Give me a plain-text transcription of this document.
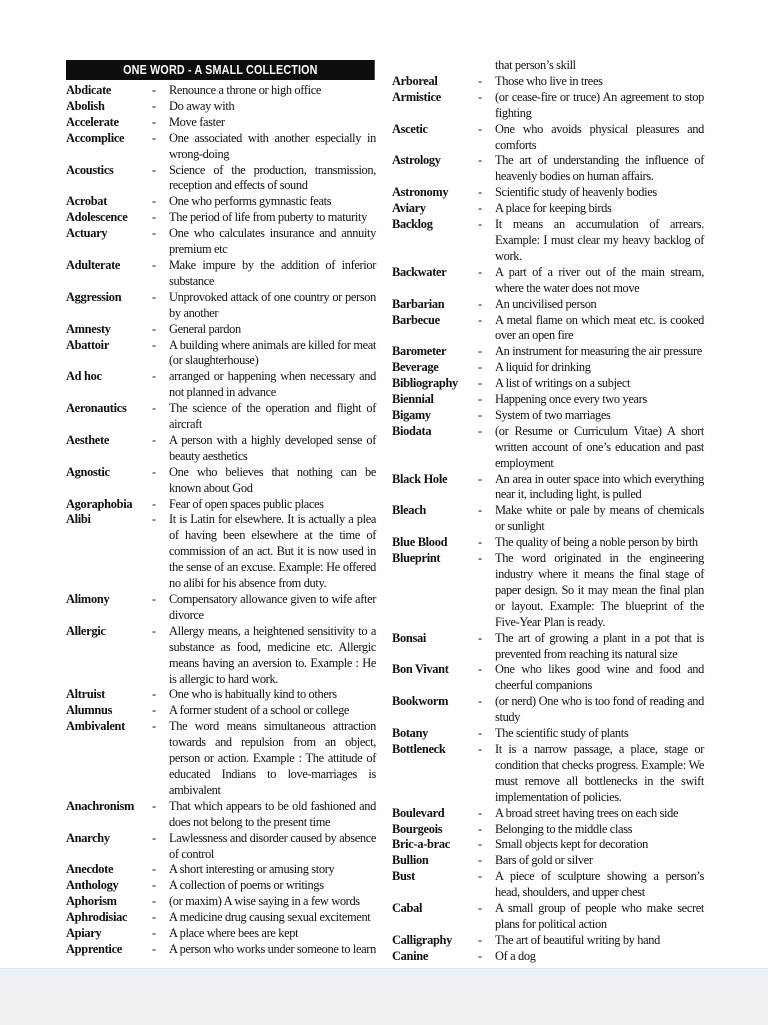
ONE WORD - A SMALL COLLECTION
Abdicate	-	Renounce a throne or high office
Abolish	-	Do away with
Accelerate	-	Move faster
Accomplice	-	One associated with another especially in wrong-doing
Acoustics	-	Science of the production, transmission, reception and effects of sound
Acrobat	-	One who performs gymnastic feats
Adolescence	-	The period of life from puberty to maturity
Actuary	-	One who calculates insurance and annuity premium etc
Adulterate	-	Make impure by the addition of inferior substance
Aggression	-	Unprovoked attack of one country or person by another
Amnesty	-	General pardon
Abattoir	-	A building where animals are killed for meat (or slaughterhouse)
Ad hoc	-	arranged or happening when necessary and not planned in advance
Aeronautics	-	The science of the operation and flight of aircraft
Aesthete	-	A person with a highly developed sense of beauty aesthetics
Agnostic	-	One who believes that nothing can be known about God
Agoraphobia	-	Fear of open spaces public places
Alibi	-	It is Latin for elsewhere. It is actually a plea of having been elsewhere at the time of commission of an act. But it is now used in the sense of an excuse. Example: He offered no alibi for his absence from duty.
Alimony	-	Compensatory allowance given to wife after divorce
Allergic	-	Allergy means, a heightened sensitivity to a substance as food, medicine etc. Allergic means having an aversion to. Example : He is allergic to hard work.
Altruist	-	One who is habitually kind to others
Alumnus	-	A former student of a school or college
Ambivalent	-	The word means simultaneous attraction towards and repulsion from an object, person or action. Example : The attitude of educated Indians to love-marriages is ambivalent
Anachronism	-	That which appears to be old fashioned and does not belong to the present time
Anarchy	-	Lawlessness and disorder caused by absence of control
Anecdote	-	A short interesting or amusing story
Anthology	-	A collection of poems or writings
Aphorism	-	(or maxim) A wise saying in a few words
Aphrodisiac	-	A medicine drug causing sexual excitement
Apiary	-	A place where bees are kept
Apprentice	-	A person who works under someone to learn
that person’s skill
Arboreal	-	Those who live in trees
Armistice	-	(or cease-fire or truce) An agreement to stop fighting
Ascetic	-	One who avoids physical pleasures and comforts
Astrology	-	The art of understanding the influence of heavenly bodies on human affairs.
Astronomy	-	Scientific study of heavenly bodies
Aviary	-	A place for keeping birds
Backlog	-	It means an accumulation of arrears. Example: I must clear my heavy backlog of work.
Backwater	-	A part of a river out of the main stream, where the water does not move
Barbarian	-	An uncivilised person
Barbecue	-	A metal flame on which meat etc. is cooked over an open fire
Barometer	-	An instrument for measuring the air pressure
Beverage	-	A liquid for drinking
Bibliography	-	A list of writings on a subject
Biennial	-	Happening once every two years
Bigamy	-	System of two marriages
Biodata	-	(or Resume or Curriculum Vitae) A short written account of one’s education and past employment
Black Hole	-	An area in outer space into which everything near it, including light, is pulled
Bleach	-	Make white or pale by means of chemicals or sunlight
Blue Blood	-	The quality of being a noble person by birth
Blueprint	-	The word originated in the engineering industry where it means the final stage of paper design. So it may mean the final plan or layout. Example: The blueprint of the Five-Year Plan is ready.
Bonsai	-	The art of growing a plant in a pot that is prevented from reaching its natural size
Bon Vivant	-	One who likes good wine and food and cheerful companions
Bookworm	-	(or nerd) One who is too fond of reading and study
Botany	-	The scientific study of plants
Bottleneck	-	It is a narrow passage, a place, stage or condition that checks progress. Example: We must remove all bottlenecks in the swift implementation of policies.
Boulevard	-	A broad street having trees on each side
Bourgeois	-	Belonging to the middle class
Bric-a-brac	-	Small objects kept for decoration
Bullion	-	Bars of gold or silver
Bust	-	A piece of sculpture showing a person’s head, shoulders, and upper chest
Cabal	-	A small group of people who make secret plans for political action
Calligraphy	-	The art of beautiful writing by hand
Canine	-	Of a dog
